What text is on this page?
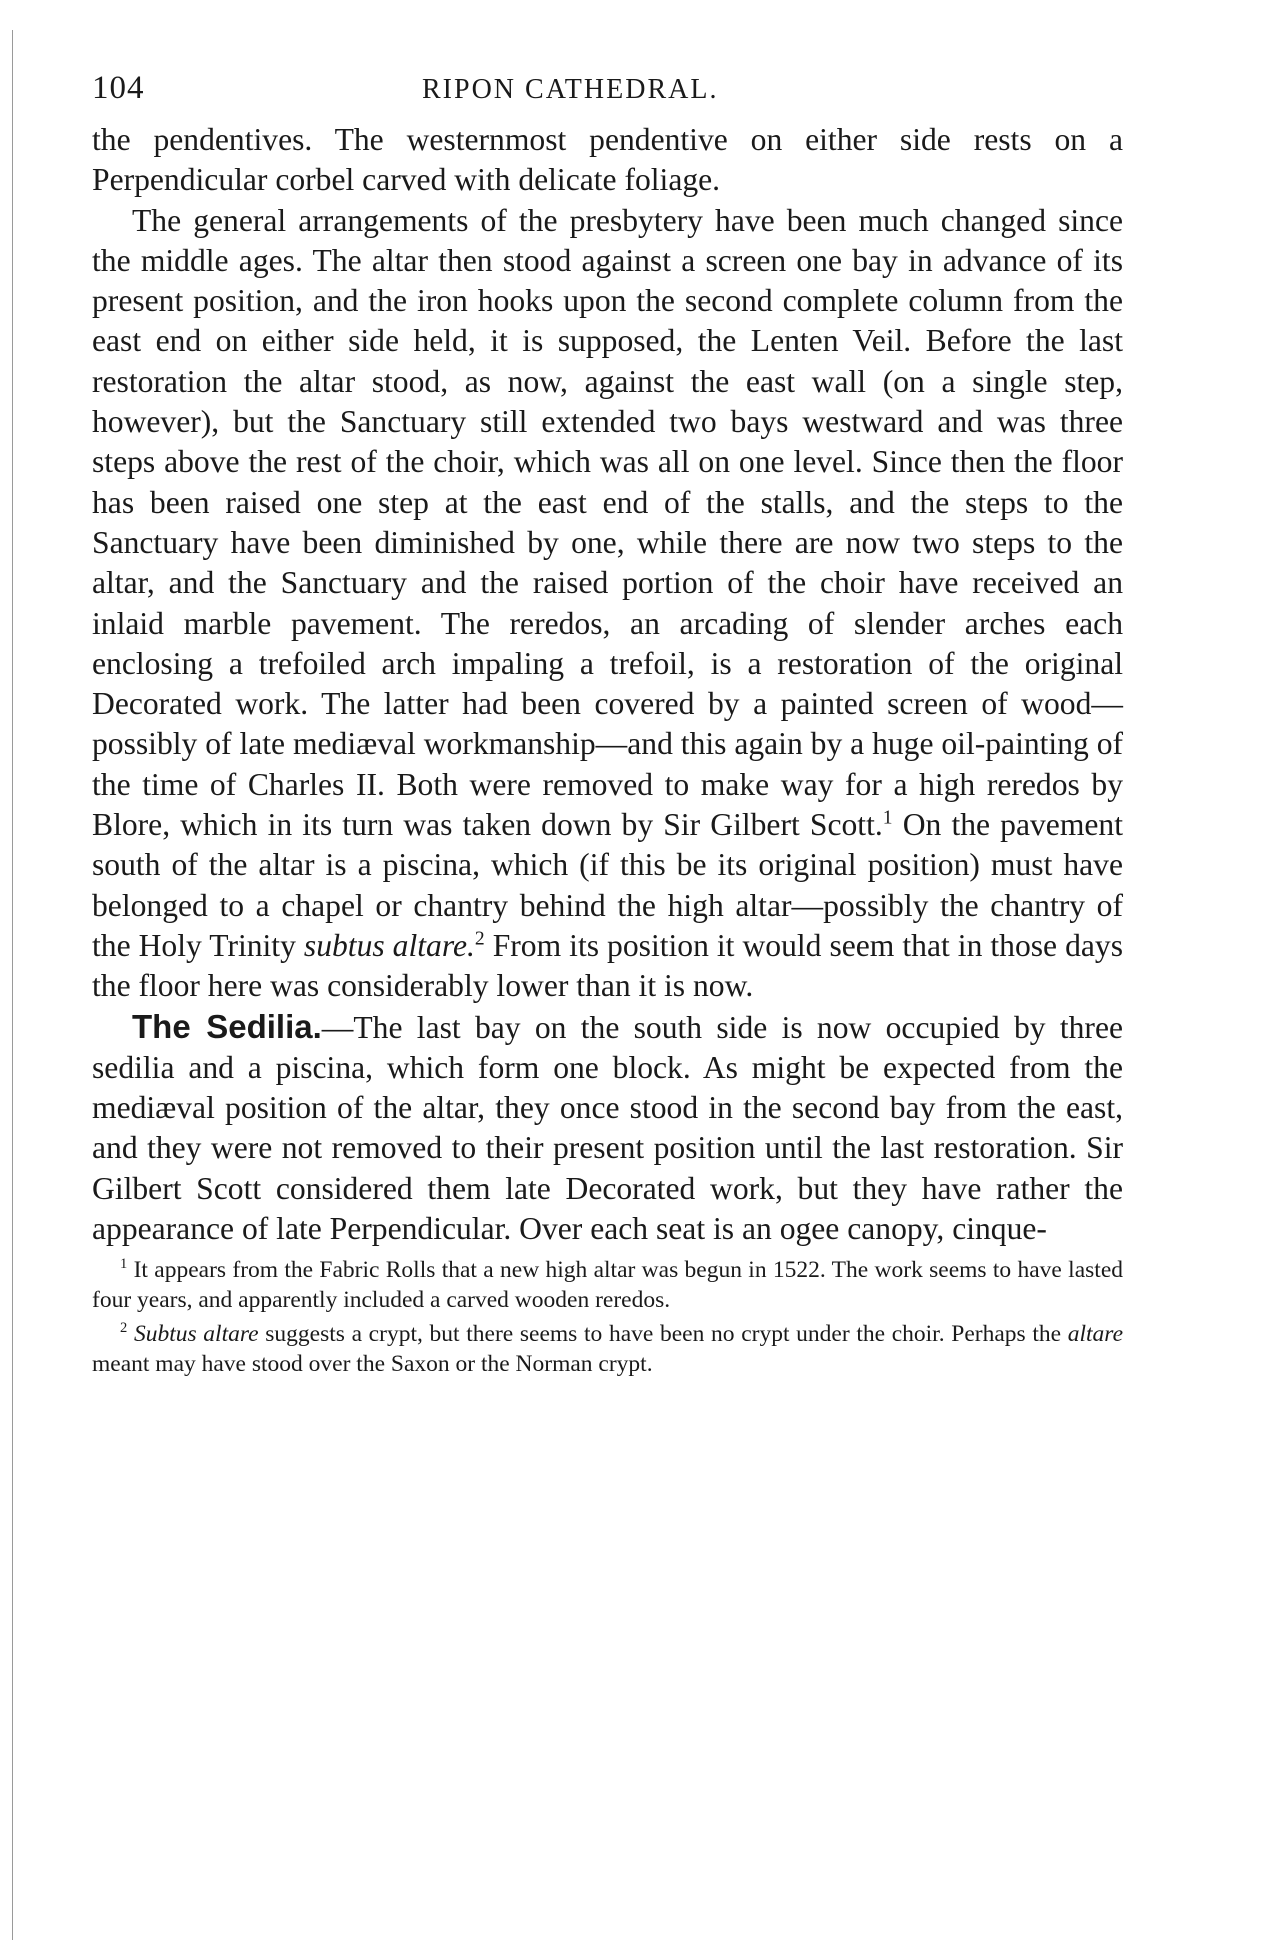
104	RIPON CATHEDRAL.

the pendentives. The westernmost pendentive on either side rests on a Perpendicular corbel carved with delicate foliage.

The general arrangements of the presbytery have been much changed since the middle ages. The altar then stood against a screen one bay in advance of its present position, and the iron hooks upon the second complete column from the east end on either side held, it is supposed, the Lenten Veil. Before the last restoration the altar stood, as now, against the east wall (on a single step, however), but the Sanctuary still extended two bays westward and was three steps above the rest of the choir, which was all on one level. Since then the floor has been raised one step at the east end of the stalls, and the steps to the Sanctuary have been diminished by one, while there are now two steps to the altar, and the Sanctuary and the raised portion of the choir have received an inlaid marble pavement. The reredos, an arcading of slender arches each enclosing a trefoiled arch impaling a trefoil, is a restoration of the original Decorated work. The latter had been covered by a painted screen of wood—possibly of late mediæval workmanship—and this again by a huge oil-painting of the time of Charles II. Both were removed to make way for a high reredos by Blore, which in its turn was taken down by Sir Gilbert Scott.$^1$ On the pavement south of the altar is a piscina, which (if this be its original position) must have belonged to a chapel or chantry behind the high altar—possibly the chantry of the Holy Trinity subtus altare.$^2$ From its position it would seem that in those days the floor here was considerably lower than it is now.

The Sedilia.—The last bay on the south side is now occupied by three sedilia and a piscina, which form one block. As might be expected from the mediæval position of the altar, they once stood in the second bay from the east, and they were not removed to their present position until the last restoration. Sir Gilbert Scott considered them late Decorated work, but they have rather the appearance of late Perpendicular. Over each seat is an ogee canopy, cinque-

$^1$ It appears from the Fabric Rolls that a new high altar was begun in 1522. The work seems to have lasted four years, and apparently included a carved wooden reredos.

$^2$ Subtus altare suggests a crypt, but there seems to have been no crypt under the choir. Perhaps the altare meant may have stood over the Saxon or the Norman crypt.
